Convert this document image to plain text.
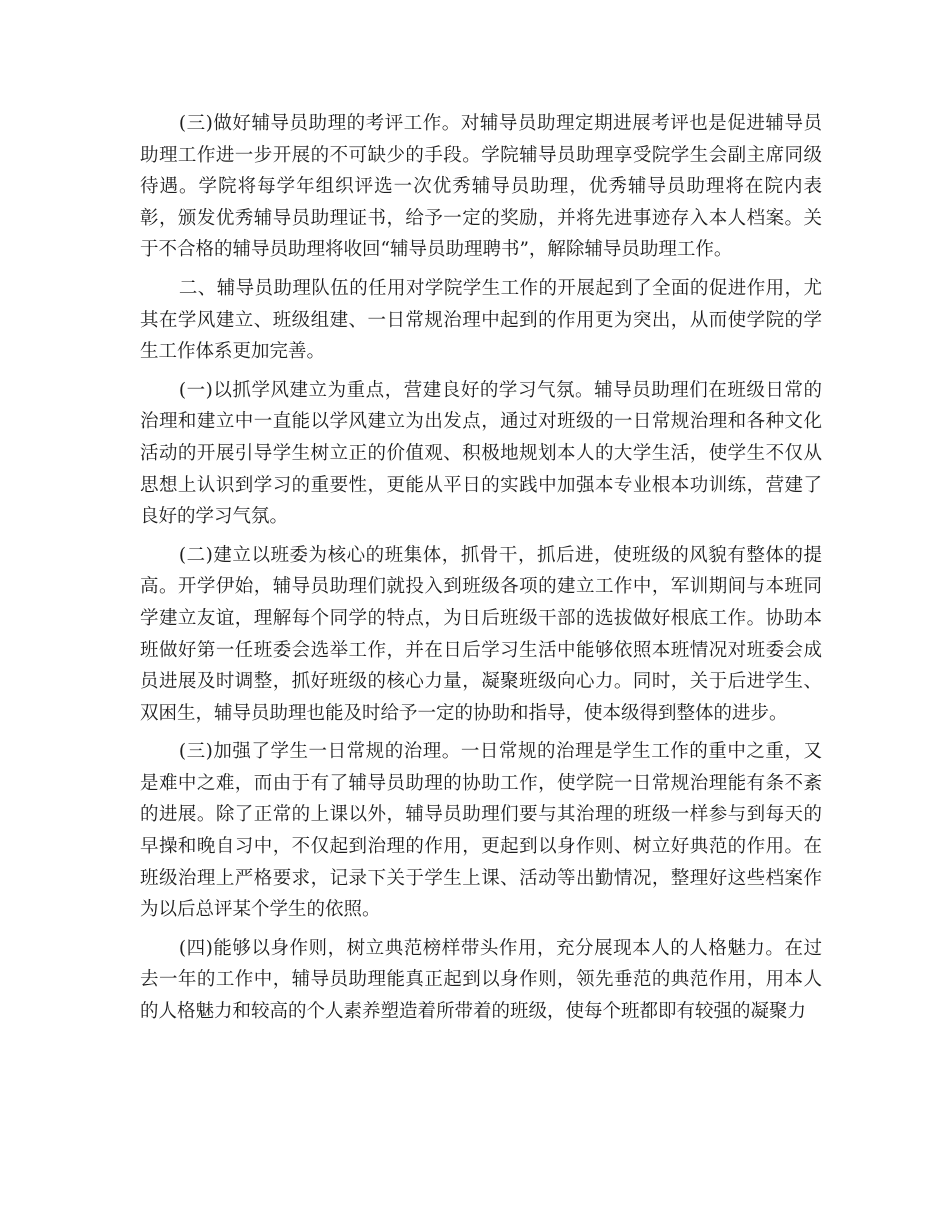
(三)做好辅导员助理的考评工作。对辅导员助理定期进展考评也是促进辅导员助理工作进一步开展的不可缺少的手段。学院辅导员助理享受院学生会副主席同级待遇。学院将每学年组织评选一次优秀辅导员助理，优秀辅导员助理将在院内表彰，颁发优秀辅导员助理证书，给予一定的奖励，并将先进事迹存入本人档案。关于不合格的辅导员助理将收回“辅导员助理聘书”，解除辅导员助理工作。

二、辅导员助理队伍的任用对学院学生工作的开展起到了全面的促进作用，尤其在学风建立、班级组建、一日常规治理中起到的作用更为突出，从而使学院的学生工作体系更加完善。

(一)以抓学风建立为重点，营建良好的学习气氛。辅导员助理们在班级日常的治理和建立中一直能以学风建立为出发点，通过对班级的一日常规治理和各种文化活动的开展引导学生树立正的价值观、积极地规划本人的大学生活，使学生不仅从思想上认识到学习的重要性，更能从平日的实践中加强本专业根本功训练，营建了良好的学习气氛。

(二)建立以班委为核心的班集体，抓骨干，抓后进，使班级的风貌有整体的提高。开学伊始，辅导员助理们就投入到班级各项的建立工作中，军训期间与本班同学建立友谊，理解每个同学的特点，为日后班级干部的选拔做好根底工作。协助本班做好第一任班委会选举工作，并在日后学习生活中能够依照本班情况对班委会成员进展及时调整，抓好班级的核心力量，凝聚班级向心力。同时，关于后进学生、双困生，辅导员助理也能及时给予一定的协助和指导，使本级得到整体的进步。

(三)加强了学生一日常规的治理。一日常规的治理是学生工作的重中之重，又是难中之难，而由于有了辅导员助理的协助工作，使学院一日常规治理能有条不紊的进展。除了正常的上课以外，辅导员助理们要与其治理的班级一样参与到每天的早操和晚自习中，不仅起到治理的作用，更起到以身作则、树立好典范的作用。在班级治理上严格要求，记录下关于学生上课、活动等出勤情况，整理好这些档案作为以后总评某个学生的依照。

(四)能够以身作则，树立典范榜样带头作用，充分展现本人的人格魅力。在过去一年的工作中，辅导员助理能真正起到以身作则，领先垂范的典范作用，用本人的人格魅力和较高的个人素养塑造着所带着的班级，使每个班都即有较强的凝聚力
